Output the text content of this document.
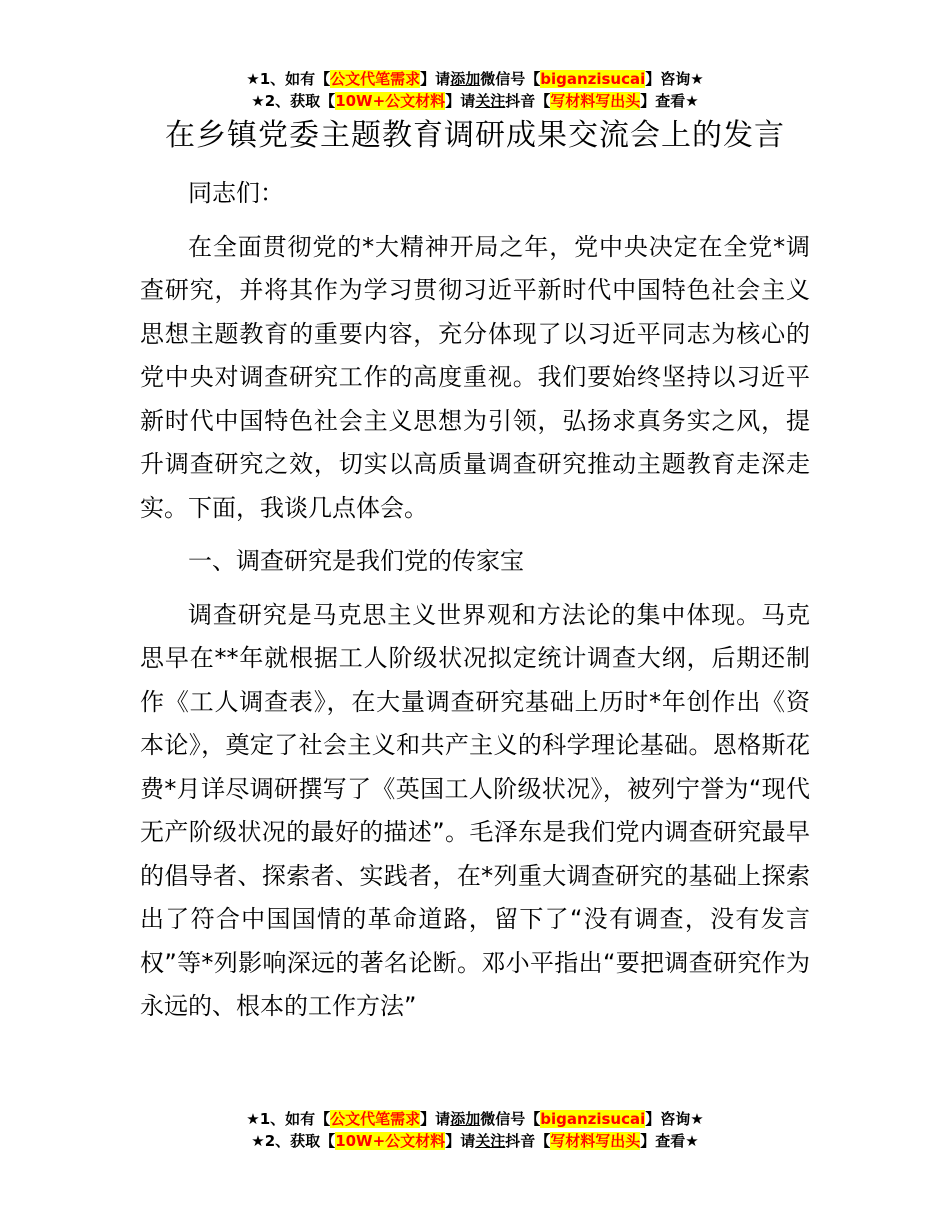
★1、如有【公文代笔需求】请添加微信号【biganzisucai】咨询★
★2、获取【10W+公文材料】请关注抖音【写材料写出头】查看★
在乡镇党委主题教育调研成果交流会上的发言

同志们：

在全面贯彻党的*大精神开局之年，党中央决定在全党*调查研究，并将其作为学习贯彻习近平新时代中国特色社会主义思想主题教育的重要内容，充分体现了以习近平同志为核心的党中央对调查研究工作的高度重视。我们要始终坚持以习近平新时代中国特色社会主义思想为引领，弘扬求真务实之风，提升调查研究之效，切实以高质量调查研究推动主题教育走深走实。下面，我谈几点体会。

一、调查研究是我们党的传家宝

调查研究是马克思主义世界观和方法论的集中体现。马克思早在**年就根据工人阶级状况拟定统计调查大纲，后期还制作《工人调查表》，在大量调查研究基础上历时*年创作出《资本论》，奠定了社会主义和共产主义的科学理论基础。恩格斯花费*月详尽调研撰写了《英国工人阶级状况》，被列宁誉为“现代无产阶级状况的最好的描述”。毛泽东是我们党内调查研究最早的倡导者、探索者、实践者，在*列重大调查研究的基础上探索出了符合中国国情的革命道路，留下了“没有调查，没有发言权”等*列影响深远的著名论断。邓小平指出“要把调查研究作为永远的、根本的工作方法”

★1、如有【公文代笔需求】请添加微信号【biganzisucai】咨询★
★2、获取【10W+公文材料】请关注抖音【写材料写出头】查看★
